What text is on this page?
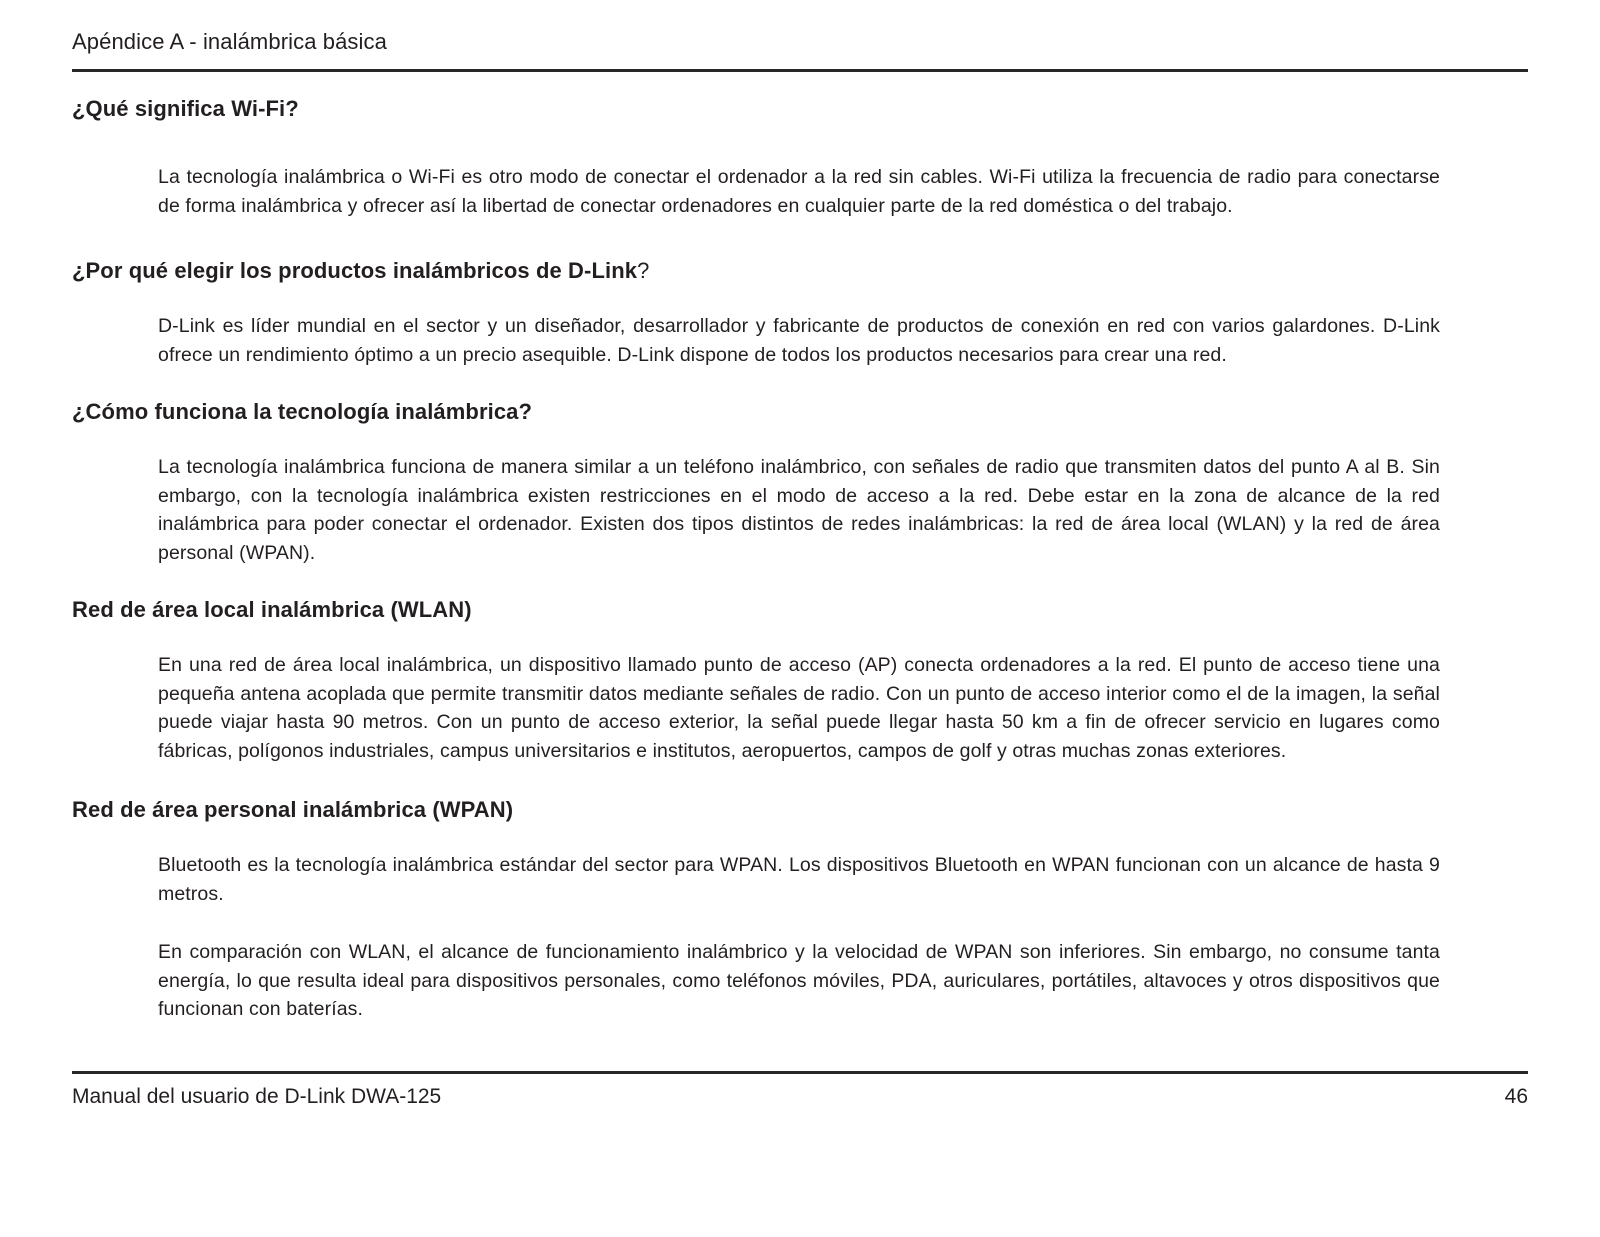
Apéndice A - inalámbrica básica
¿Qué significa Wi-Fi?

La tecnología inalámbrica o Wi-Fi es otro modo de conectar el ordenador a la red sin cables. Wi-Fi utiliza la frecuencia de radio para conectarse de forma inalámbrica y ofrecer así la libertad de conectar ordenadores en cualquier parte de la red doméstica o del trabajo.

¿Por qué elegir los productos inalámbricos de D-Link?

D-Link es líder mundial en el sector y un diseñador, desarrollador y fabricante de productos de conexión en red con varios galardones. D-Link ofrece un rendimiento óptimo a un precio asequible. D-Link dispone de todos los productos necesarios para crear una red.

¿Cómo funciona la tecnología inalámbrica?

La tecnología inalámbrica funciona de manera similar a un teléfono inalámbrico, con señales de radio que transmiten datos del punto A al B. Sin embargo, con la tecnología inalámbrica existen restricciones en el modo de acceso a la red. Debe estar en la zona de alcance de la red inalámbrica para poder conectar el ordenador. Existen dos tipos distintos de redes inalámbricas: la red de área local (WLAN) y la red de área personal (WPAN).

Red de área local inalámbrica (WLAN)

En una red de área local inalámbrica, un dispositivo llamado punto de acceso (AP) conecta ordenadores a la red. El punto de acceso tiene una pequeña antena acoplada que permite transmitir datos mediante señales de radio. Con un punto de acceso interior como el de la imagen, la señal puede viajar hasta 90 metros. Con un punto de acceso exterior, la señal puede llegar hasta 50 km a fin de ofrecer servicio en lugares como fábricas, polígonos industriales, campus universitarios e institutos, aeropuertos, campos de golf y otras muchas zonas exteriores.

Red de área personal inalámbrica (WPAN)

Bluetooth es la tecnología inalámbrica estándar del sector para WPAN. Los dispositivos Bluetooth en WPAN funcionan con un alcance de hasta 9 metros.

En comparación con WLAN, el alcance de funcionamiento inalámbrico y la velocidad de WPAN son inferiores. Sin embargo, no consume tanta energía, lo que resulta ideal para dispositivos personales, como teléfonos móviles, PDA, auriculares, portátiles, altavoces y otros dispositivos que funcionan con baterías.

Manual del usuario de D-Link DWA-125	46
